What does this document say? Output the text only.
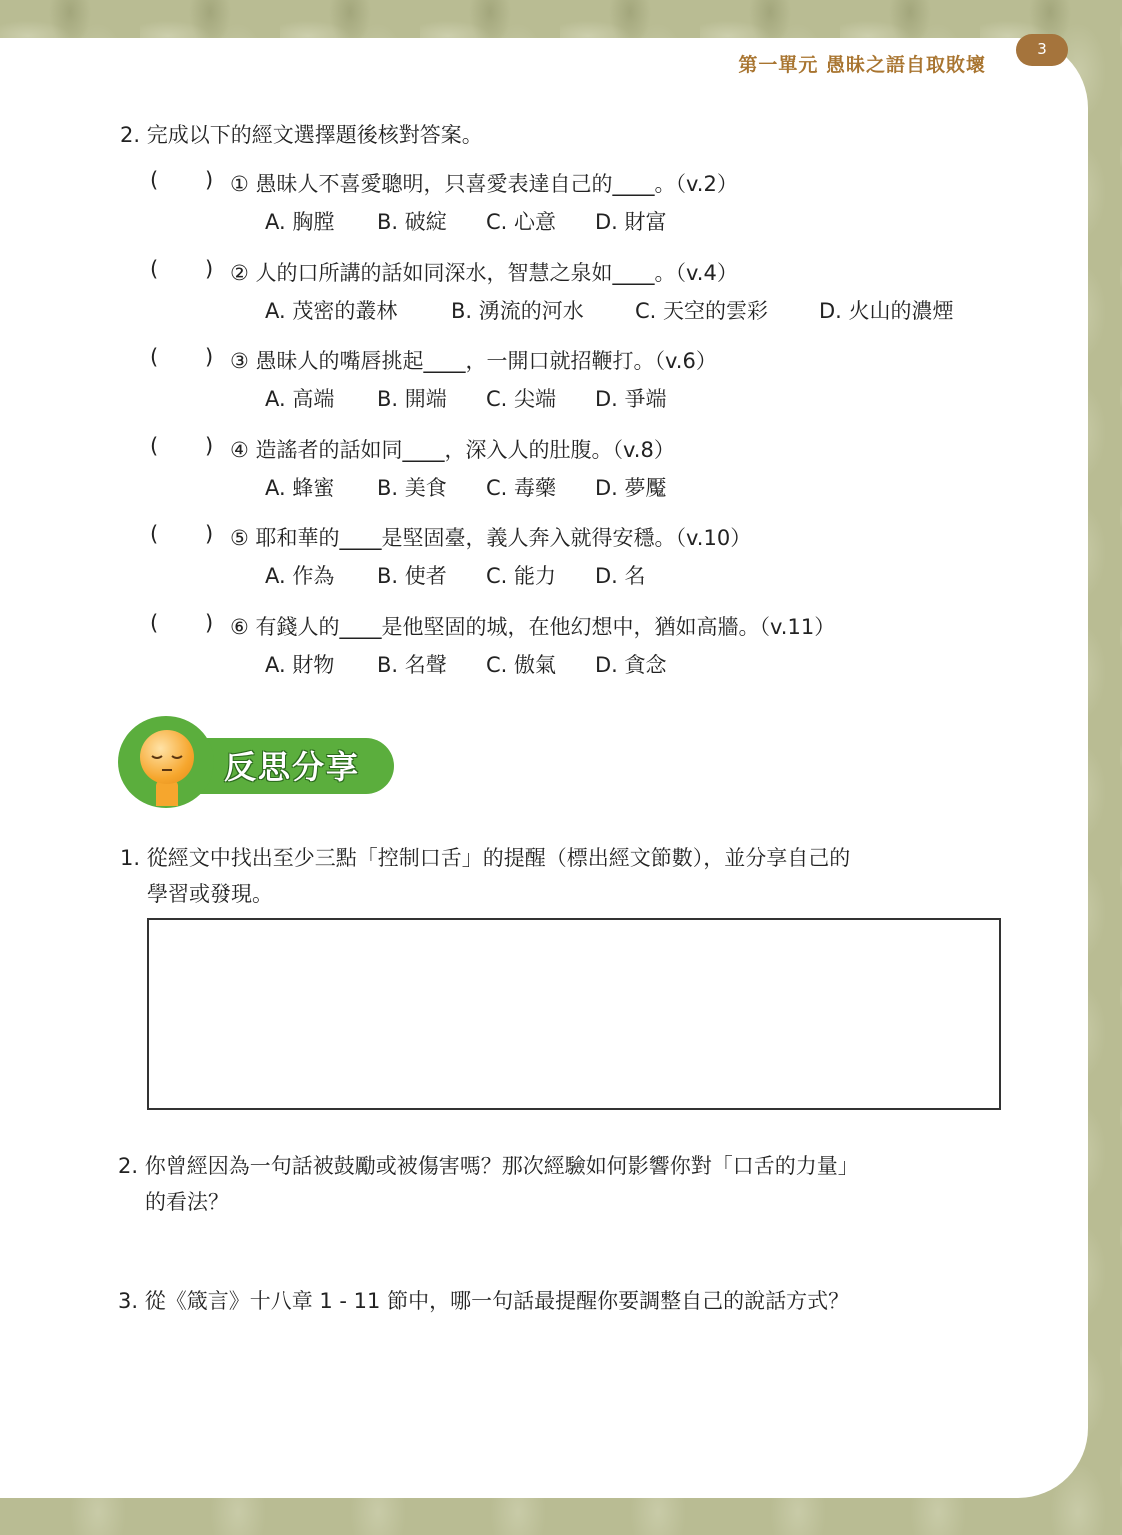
第一單元 愚昧之語自取敗壞
3
2. 完成以下的經文選擇題後核對答案。
( ) ① 愚昧人不喜愛聰明，只喜愛表達自己的____。（v.2）
A. 胸膛 B. 破綻 C. 心意 D. 財富
( ) ② 人的口所講的話如同深水，智慧之泉如____。（v.4）
A. 茂密的叢林	B. 湧流的河水 C. 天空的雲彩 D. 火山的濃煙
( ) ③ 愚昧人的嘴唇挑起____，一開口就招鞭打。（v.6）
A. 高端 B. 開端 C. 尖端 D. 爭端
( ) ④ 造謠者的話如同____，深入人的肚腹。（v.8）
A. 蜂蜜 B. 美食 C. 毒藥 D. 夢魘
( ) ⑤ 耶和華的____是堅固臺，義人奔入就得安穩。（v.10）
A. 作為 B. 使者 C. 能力 D. 名
( ) ⑥ 有錢人的____是他堅固的城，在他幻想中，猶如高牆。（v.11）
A. 財物 B. 名聲 C. 傲氣 D. 貪念
反思分享
1. 從經文中找出至少三點「控制口舌」的提醒（標出經文節數），並分享自己的
學習或發現。
2. 你曾經因為一句話被鼓勵或被傷害嗎？那次經驗如何影響你對「口舌的力量」
的看法？
3. 從《箴言》十八章 1 - 11 節中，哪一句話最提醒你要調整自己的說話方式？
